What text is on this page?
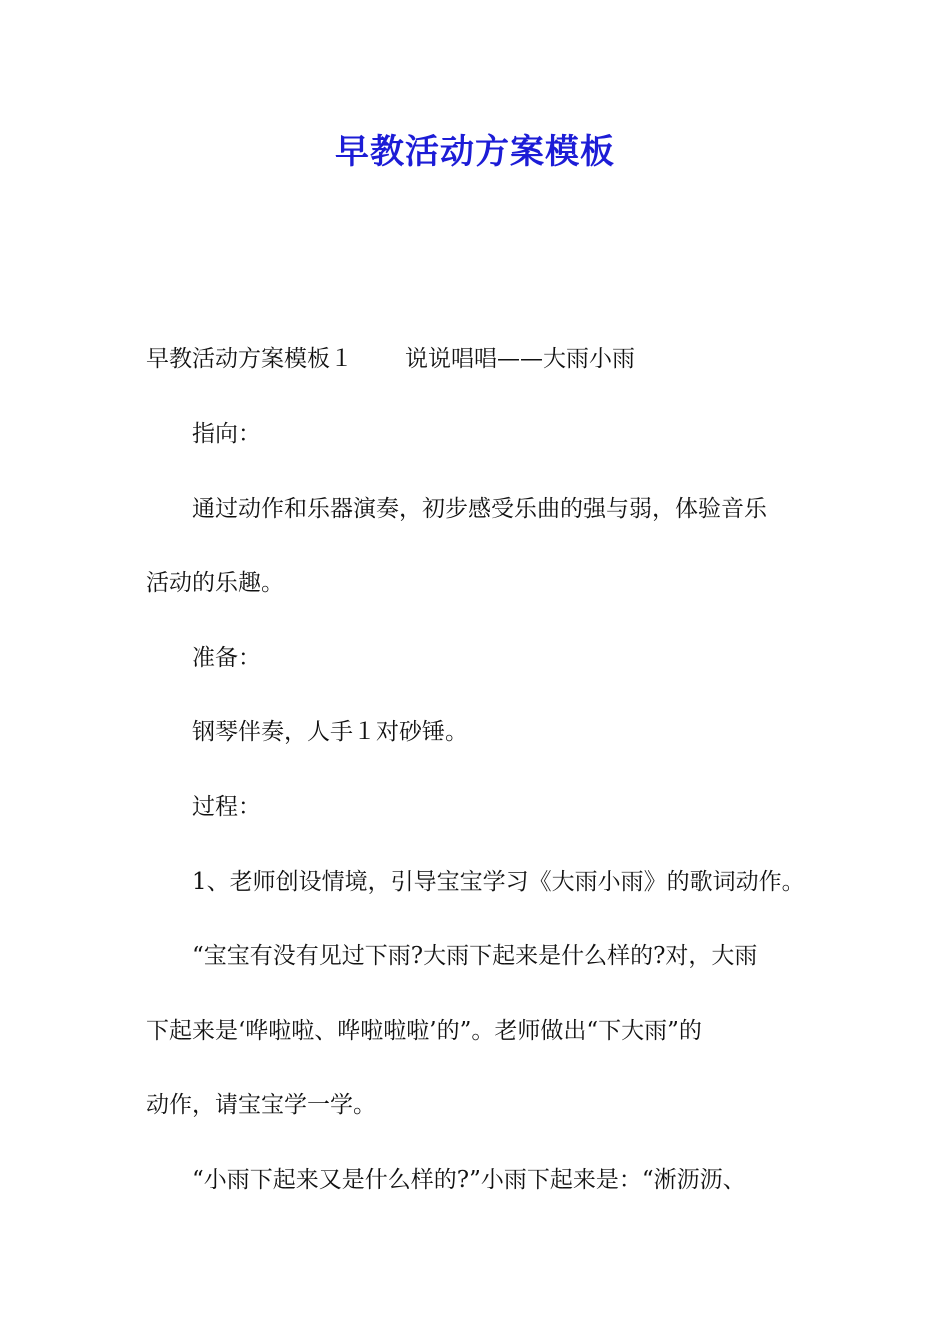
早教活动方案模板

早教活动方案模板１ 说说唱唱——大雨小雨

指向：

通过动作和乐器演奏，初步感受乐曲的强与弱，体验音乐

活动的乐趣。

准备：

钢琴伴奏，人手１对砂锤。

过程：

1、老师创设情境，引导宝宝学习《大雨小雨》的歌词动作。

“宝宝有没有见过下雨?大雨下起来是什么样的?对，大雨

下起来是‘哗啦啦、哗啦啦啦’的”。老师做出“下大雨”的

动作，请宝宝学一学。

“小雨下起来又是什么样的?”小雨下起来是：“淅沥沥、
